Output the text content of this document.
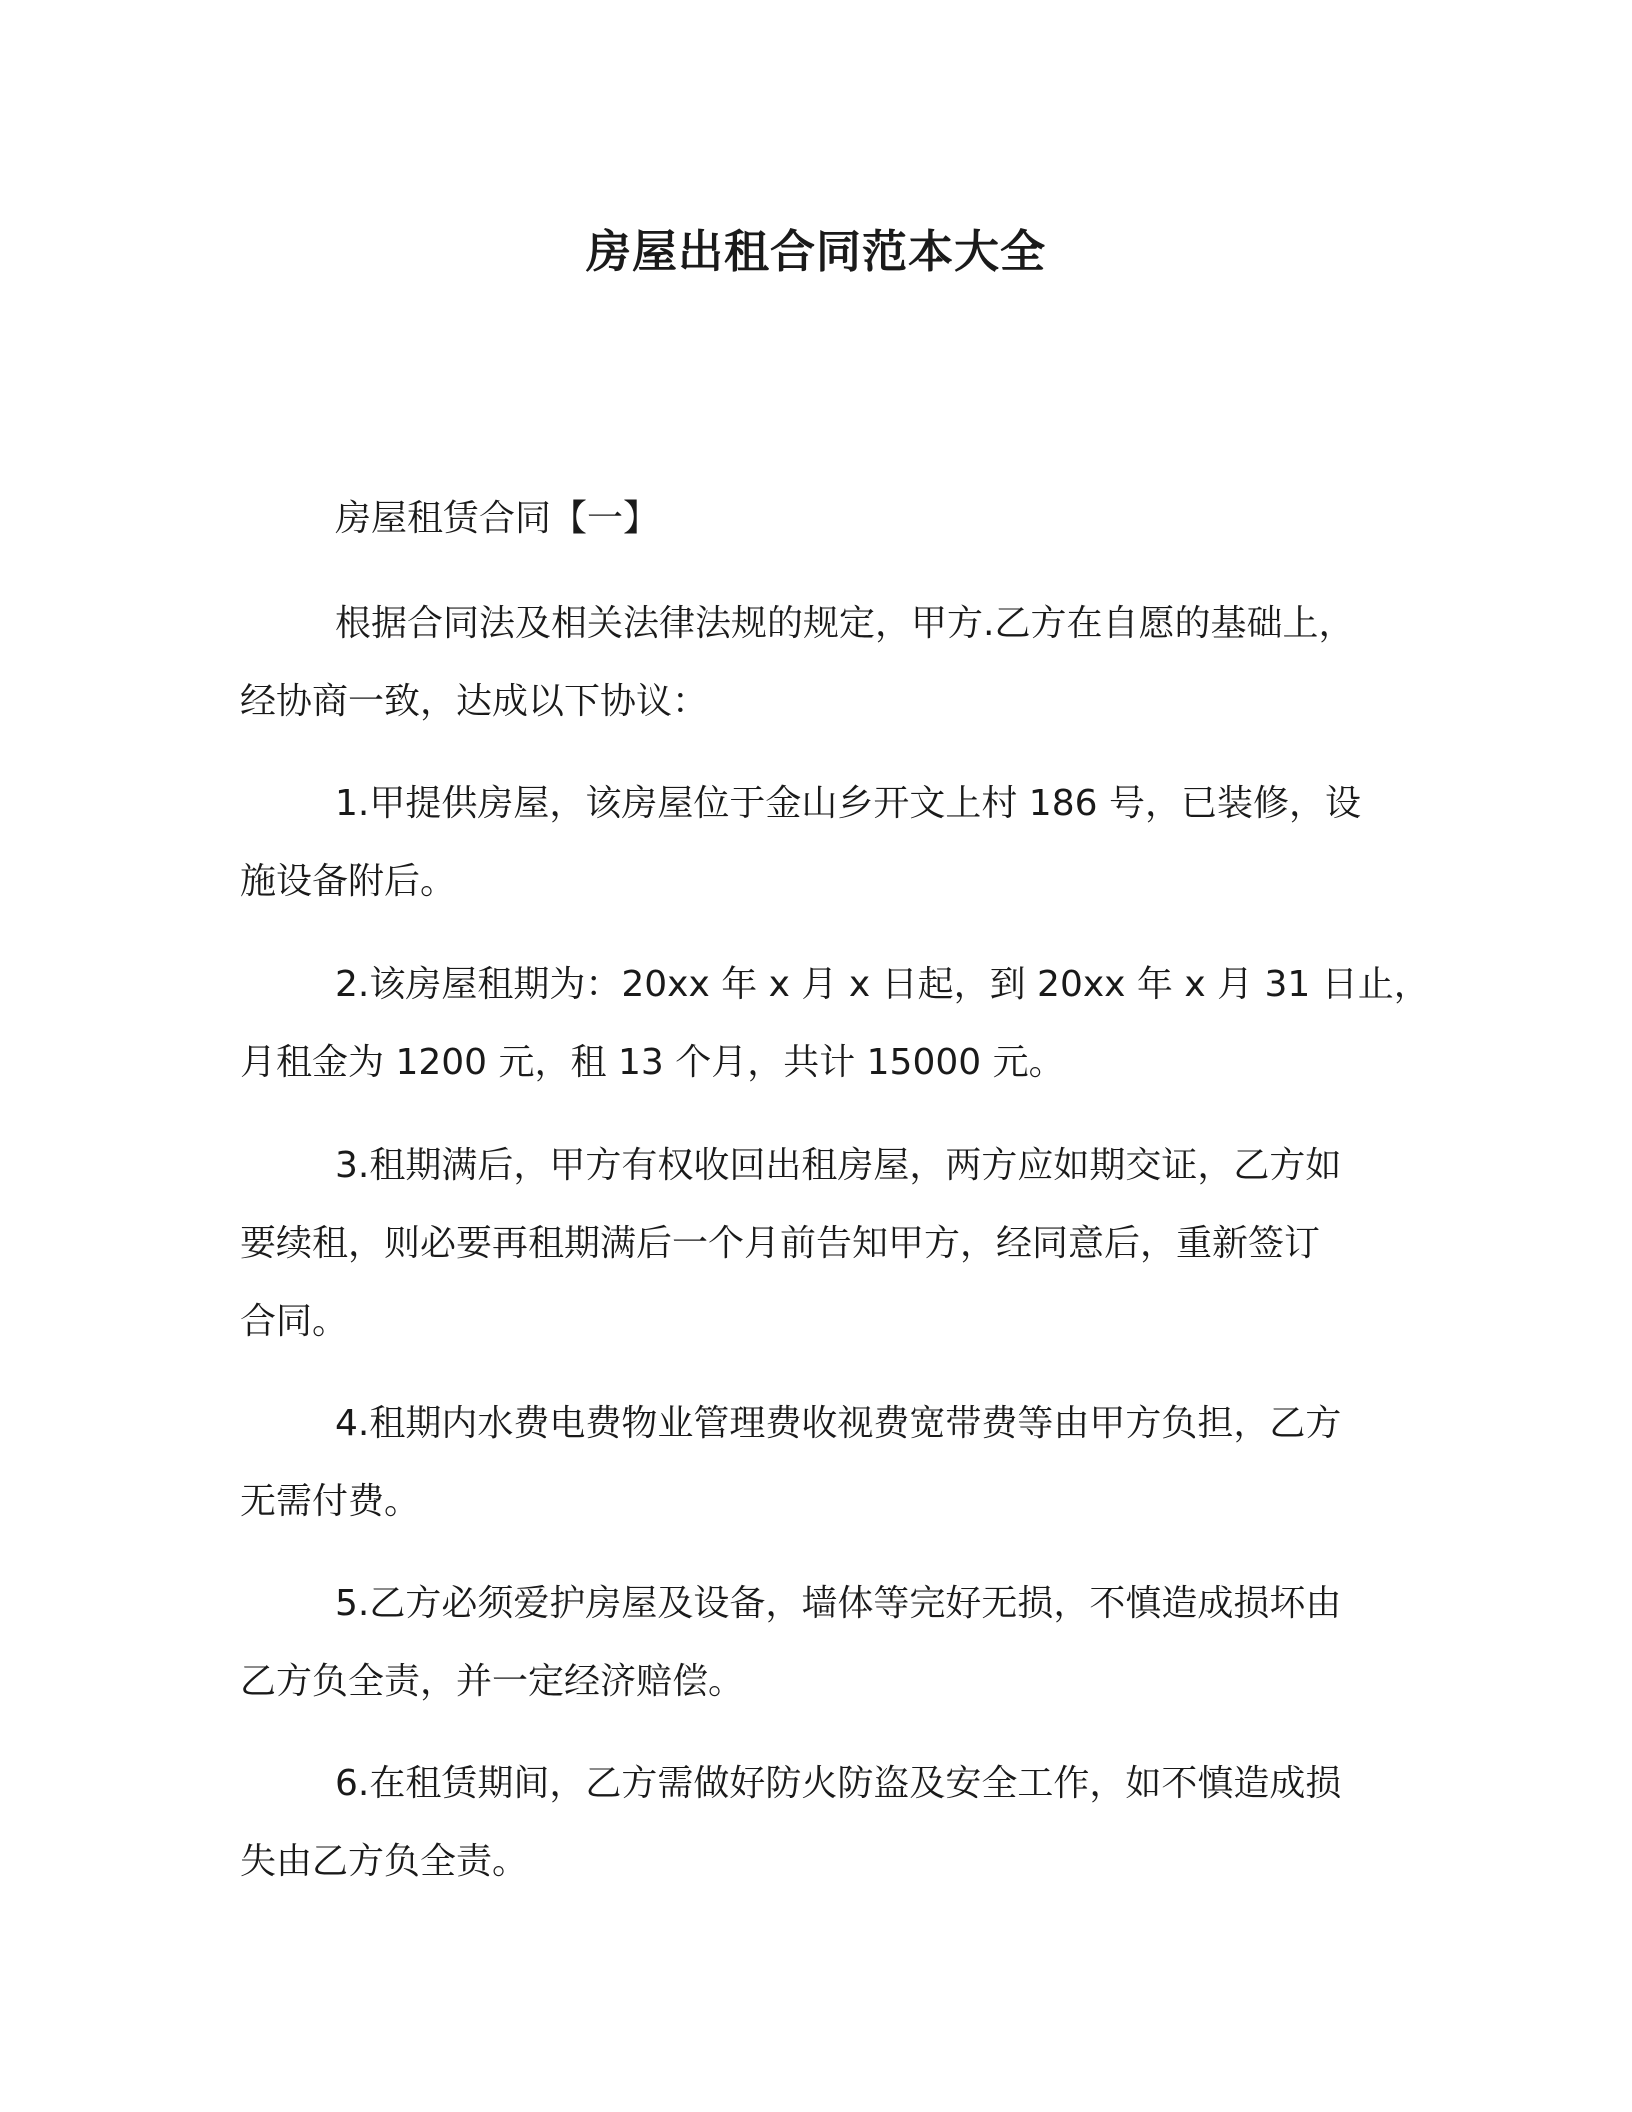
房屋出租合同范本大全
房屋租赁合同【一】
根据合同法及相关法律法规的规定，甲方.乙方在自愿的基础上，
经协商一致，达成以下协议：
1.甲提供房屋，该房屋位于金山乡开文上村 186 号，已装修，设
施设备附后。
2.该房屋租期为：20xx 年 x 月 x 日起，到 20xx 年 x 月 31 日止，
月租金为 1200 元，租 13 个月，共计 15000 元。
3.租期满后，甲方有权收回出租房屋，两方应如期交证，乙方如
要续租，则必要再租期满后一个月前告知甲方，经同意后，重新签订
合同。
4.租期内水费电费物业管理费收视费宽带费等由甲方负担，乙方
无需付费。
5.乙方必须爱护房屋及设备，墙体等完好无损，不慎造成损坏由
乙方负全责，并一定经济赔偿。
6.在租赁期间，乙方需做好防火防盗及安全工作，如不慎造成损
失由乙方负全责。
